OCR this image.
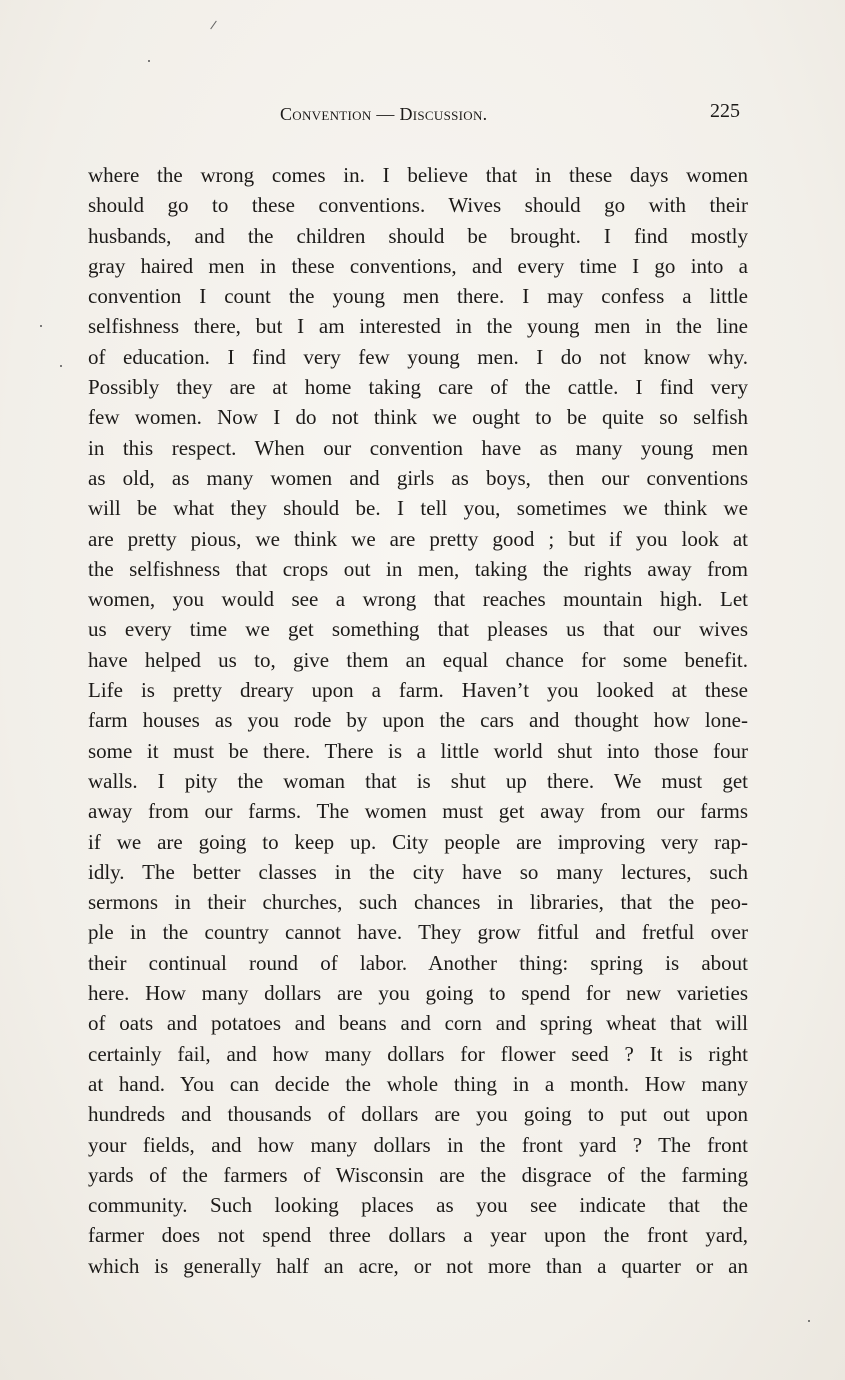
Convention — Discussion.	225
where the wrong comes in. I believe that in these days women
should go to these conventions. Wives should go with their
husbands, and the children should be brought. I find mostly
gray haired men in these conventions, and every time I go into a
convention I count the young men there. I may confess a little
selfishness there, but I am interested in the young men in the line
of education. I find very few young men. I do not know why.
Possibly they are at home taking care of the cattle. I find very
few women. Now I do not think we ought to be quite so selfish
in this respect. When our convention have as many young men
as old, as many women and girls as boys, then our conventions
will be what they should be. I tell you, sometimes we think we
are pretty pious, we think we are pretty good ; but if you look at
the selfishness that crops out in men, taking the rights away from
women, you would see a wrong that reaches mountain high. Let
us every time we get something that pleases us that our wives
have helped us to, give them an equal chance for some benefit.
Life is pretty dreary upon a farm. Haven’t you looked at these
farm houses as you rode by upon the cars and thought how lone-
some it must be there. There is a little world shut into those four
walls. I pity the woman that is shut up there. We must get
away from our farms. The women must get away from our farms
if we are going to keep up. City people are improving very rap-
idly. The better classes in the city have so many lectures, such
sermons in their churches, such chances in libraries, that the peo-
ple in the country cannot have. They grow fitful and fretful over
their continual round of labor. Another thing: spring is about
here. How many dollars are you going to spend for new varieties
of oats and potatoes and beans and corn and spring wheat that will
certainly fail, and how many dollars for flower seed ? It is right
at hand. You can decide the whole thing in a month. How many
hundreds and thousands of dollars are you going to put out upon
your fields, and how many dollars in the front yard ? The front
yards of the farmers of Wisconsin are the disgrace of the farming
community. Such looking places as you see indicate that the
farmer does not spend three dollars a year upon the front yard,
which is generally half an acre, or not more than a quarter or an
